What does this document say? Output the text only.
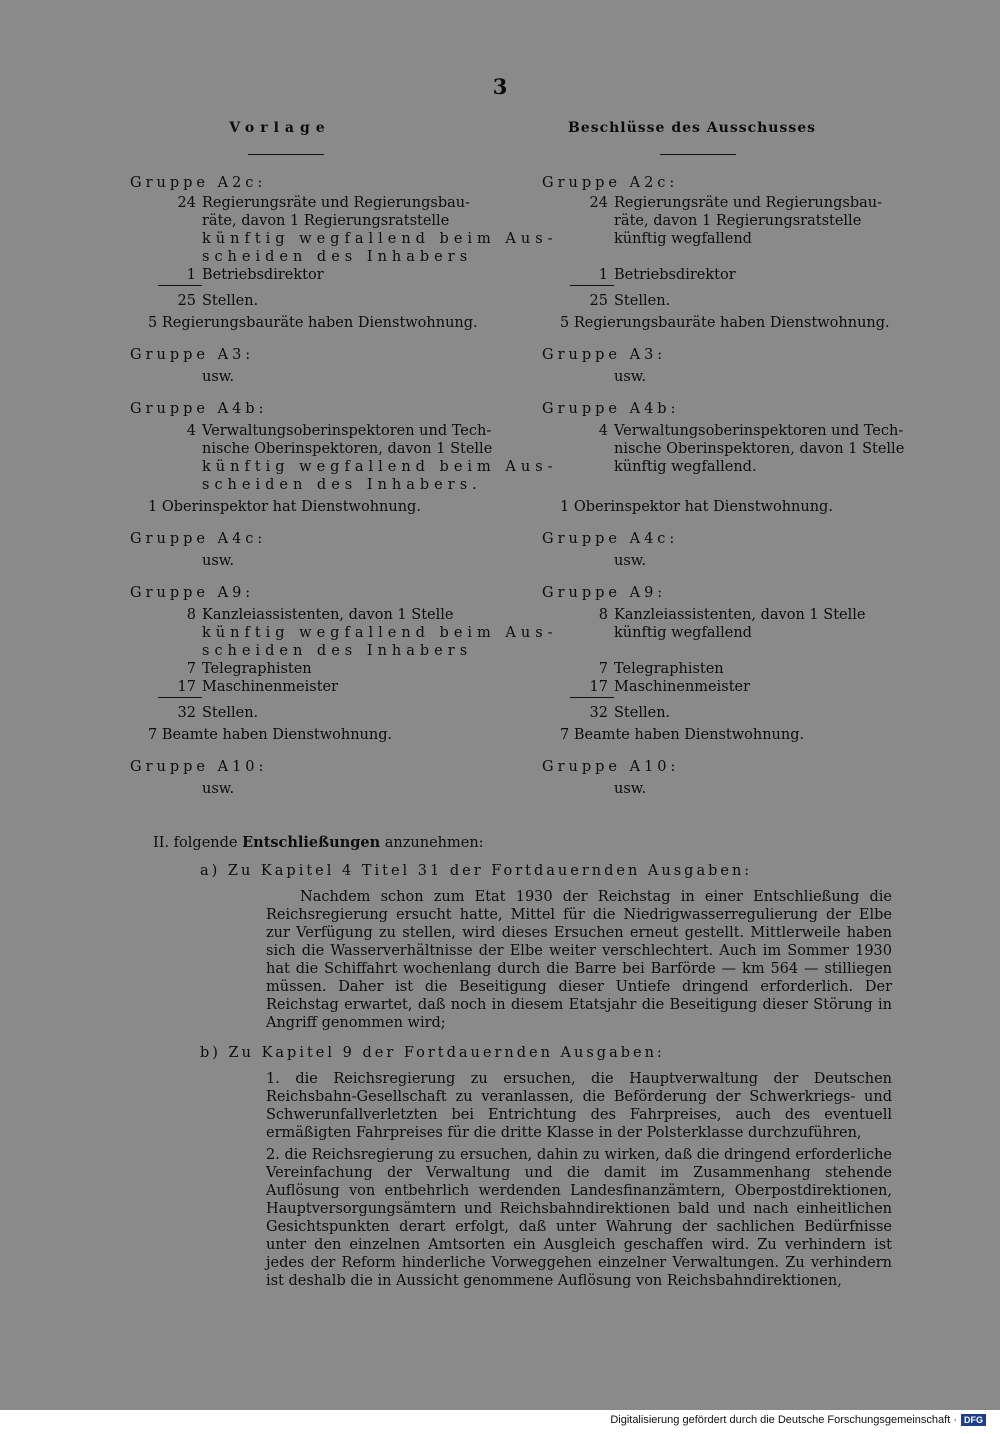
3
Vorlage
Gruppe A2c:
24 Regierungsräte und Regierungsbau-
räte, davon 1 Regierungsratstelle
künftig wegfallend beim Aus-
scheiden des Inhabers
1 Betriebsdirektor
25 Stellen.
5 Regierungsbauräte haben Dienstwohnung.
Gruppe A3:
usw.
Gruppe A4b:
4 Verwaltungsoberinspektoren und Tech-
nische Oberinspektoren, davon 1 Stelle
künftig wegfallend beim Aus-
scheiden des Inhabers.
1 Oberinspektor hat Dienstwohnung.
Gruppe A4c:
usw.
Gruppe A9:
8 Kanzleiassistenten, davon 1 Stelle
künftig wegfallend beim Aus-
scheiden des Inhabers
7 Telegraphisten
17 Maschinenmeister
32 Stellen.
7 Beamte haben Dienstwohnung.
Gruppe A10:
usw.
Beschlüsse des Ausschusses
Gruppe A2c:
24 Regierungsräte und Regierungsbau-
räte, davon 1 Regierungsratstelle
künftig wegfallend
1 Betriebsdirektor
25 Stellen.
5 Regierungsbauräte haben Dienstwohnung.
Gruppe A3:
usw.
Gruppe A4b:
4 Verwaltungsoberinspektoren und Tech-
nische Oberinspektoren, davon 1 Stelle
künftig wegfallend.
1 Oberinspektor hat Dienstwohnung.
Gruppe A4c:
usw.
Gruppe A9:
8 Kanzleiassistenten, davon 1 Stelle
künftig wegfallend
7 Telegraphisten
17 Maschinenmeister
32 Stellen.
7 Beamte haben Dienstwohnung.
Gruppe A10:
usw.
II. folgende Entschließungen anzunehmen:
a) Zu Kapitel 4 Titel 31 der Fortdauernden Ausgaben:
Nachdem schon zum Etat 1930 der Reichstag in einer Entschließung die Reichsregierung ersucht hatte, Mittel für die Niedrigwasserregulierung der Elbe zur Verfügung zu stellen, wird dieses Ersuchen erneut gestellt. Mittlerweile haben sich die Wasserverhältnisse der Elbe weiter verschlechtert. Auch im Sommer 1930 hat die Schiffahrt wochenlang durch die Barre bei Barförde — km 564 — stilliegen müssen. Daher ist die Beseitigung dieser Untiefe dringend erforderlich. Der Reichstag erwartet, daß noch in diesem Etatsjahr die Beseitigung dieser Störung in Angriff genommen wird;
b) Zu Kapitel 9 der Fortdauernden Ausgaben:
1. die Reichsregierung zu ersuchen, die Hauptverwaltung der Deutschen Reichsbahn-Gesellschaft zu veranlassen, die Beförderung der Schwerkriegs- und Schwerunfallverletzten bei Entrichtung des Fahrpreises, auch des eventuell ermäßigten Fahrpreises für die dritte Klasse in der Polsterklasse durchzuführen,
2. die Reichsregierung zu ersuchen, dahin zu wirken, daß die dringend erforderliche Vereinfachung der Verwaltung und die damit im Zusammenhang stehende Auflösung von entbehrlich werdenden Landesfinanzämtern, Oberpostdirektionen, Hauptversorgungsämtern und Reichsbahndirektionen bald und nach einheitlichen Gesichtspunkten derart erfolgt, daß unter Wahrung der sachlichen Bedürfnisse unter den einzelnen Amtsorten ein Ausgleich geschaffen wird. Zu verhindern ist jedes der Reform hinderliche Vorweggehen einzelner Verwaltungen. Zu verhindern ist deshalb die in Aussicht genommene Auflösung von Reichsbahndirektionen,
Digitalisierung gefördert durch die Deutsche Forschungsgemeinschaft · DFG
